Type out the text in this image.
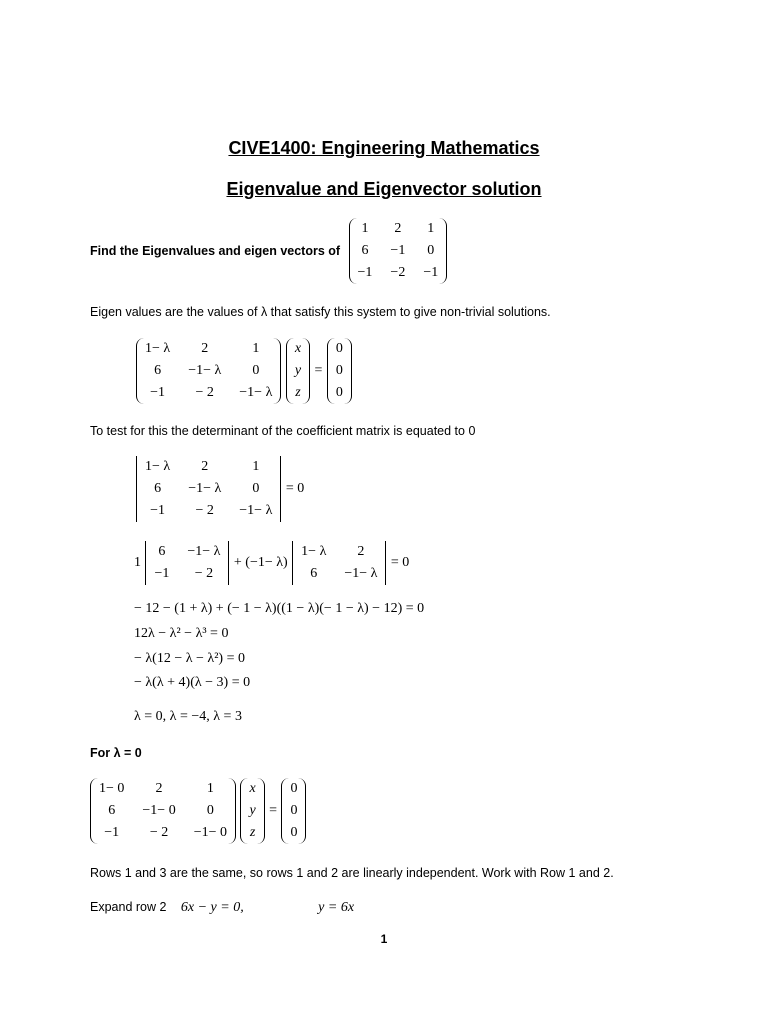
CIVE1400: Engineering Mathematics
Eigenvalue and Eigenvector solution
Find the Eigenvalues and eigen vectors of
1	2	1
6	−1	0
−1	−2	−1
Eigen values are the values of λ that satisfy this system to give non-trivial solutions.
1− λ	2	1
6	−1− λ	0
−1	− 2	−1− λ

x
y
z
=
0
0
0
To test for this the determinant of the coefficient matrix is equated to 0
1− λ	2	1
6	−1− λ	0
−1	− 2	−1− λ
= 0
1
6	−1− λ
−1	− 2
+ (−1− λ)
1− λ	2
6	−1− λ
= 0
− 12 − (1 + λ) + (− 1 − λ)((1 − λ)(− 1 − λ) − 12) = 0
12λ − λ² − λ³ = 0
− λ(12 − λ − λ²) = 0
− λ(λ + 4)(λ − 3) = 0
λ = 0, λ = −4, λ = 3
For λ = 0
1− 0	2	1
6	−1− 0	0
−1	− 2	−1− 0

x
y
z
=
0
0
0
Rows 1 and 3 are the same, so rows 1 and 2 are linearly independent. Work with Row 1 and 2.
Expand row 2 6x − y = 0,	y = 6x
1
